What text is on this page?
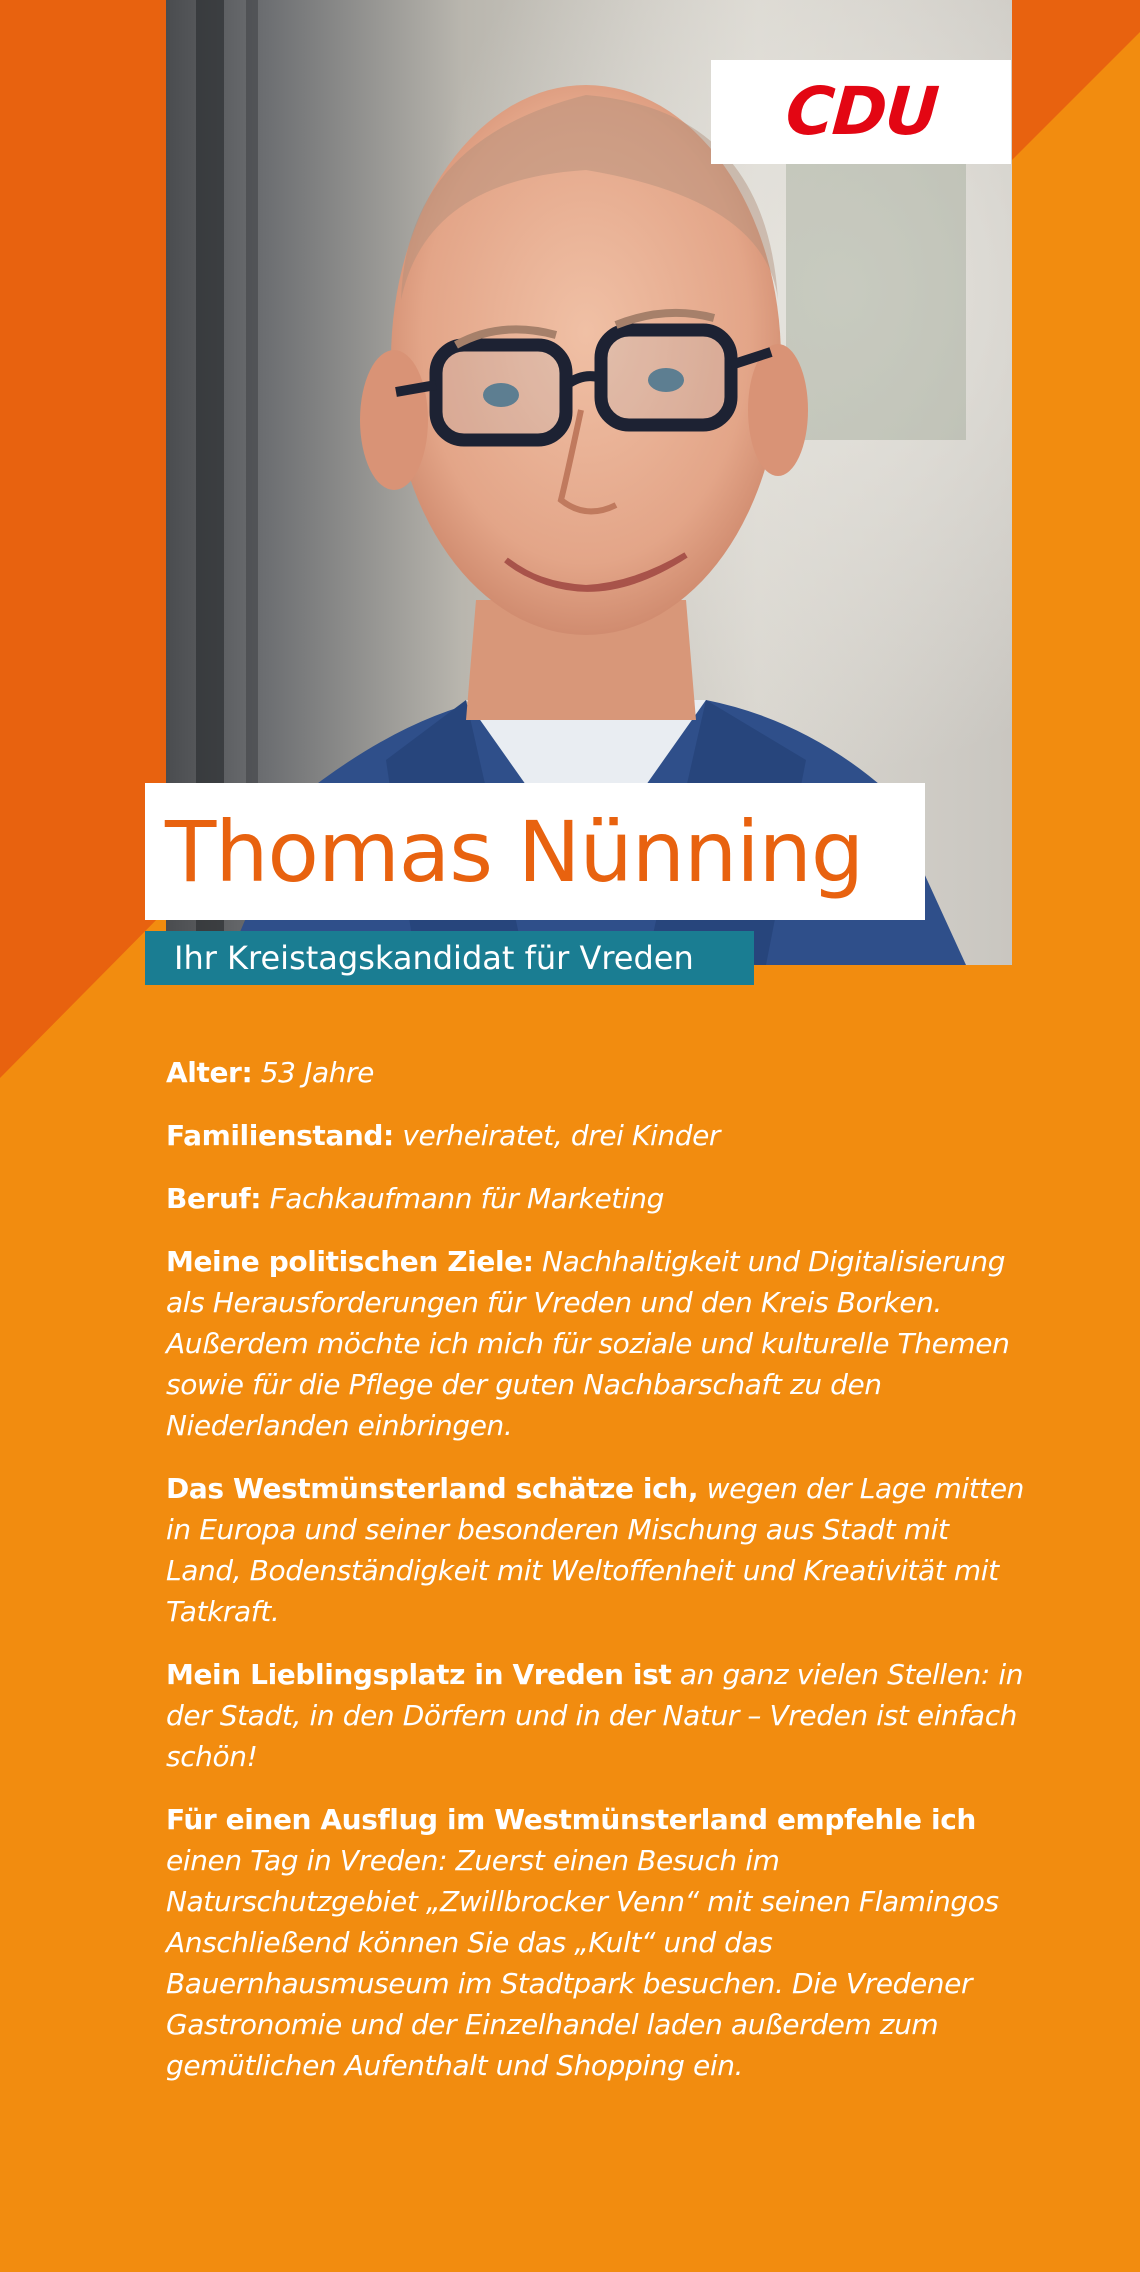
CDU
Thomas Nünning
Ihr Kreistagskandidat für Vreden

Alter: 53 Jahre

Familienstand: verheiratet, drei Kinder

Beruf: Fachkaufmann für Marketing

Meine politischen Ziele: Nachhaltigkeit und Digitalisierung als Herausforderungen für Vreden und den Kreis Borken. Außerdem möchte ich mich für soziale und kulturelle Themen sowie für die Pflege der guten Nachbarschaft zu den Niederlanden einbringen.

Das Westmünsterland schätze ich, wegen der Lage mitten in Europa und seiner besonderen Mischung aus Stadt mit Land, Bodenständigkeit mit Weltoffenheit und Kreativität mit Tatkraft.

Mein Lieblingsplatz in Vreden ist an ganz vielen Stellen: in der Stadt, in den Dörfern und in der Natur – Vreden ist einfach schön!

Für einen Ausflug im Westmünsterland empfehle ich
einen Tag in Vreden: Zuerst einen Besuch im Naturschutzgebiet „Zwillbrocker Venn“ mit seinen Flamingos Anschließend können Sie das „Kult“ und das Bauernhausmuseum im Stadtpark besuchen. Die Vredener Gastronomie und der Einzelhandel laden außerdem zum gemütlichen Aufenthalt und Shopping ein.
